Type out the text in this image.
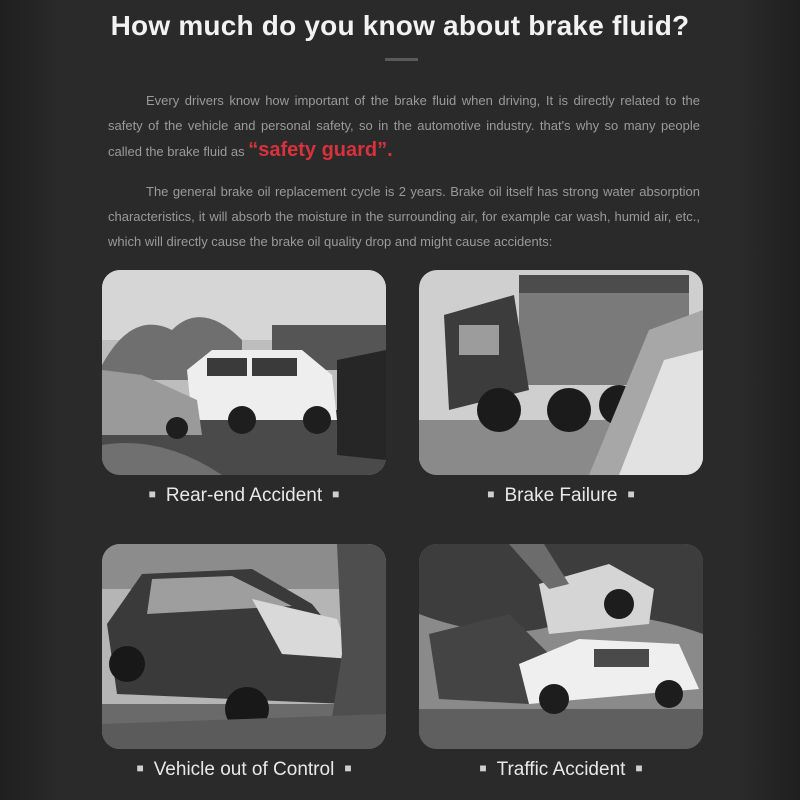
How much do you know about brake fluid?
Every drivers know how important of the brake fluid when driving, It is directly related to the safety of the vehicle and personal safety, so in the automotive industry. that's why so many people called the brake fluid as “safety guard”.
The general brake oil replacement cycle is 2 years. Brake oil itself has strong water absorption characteristics, it will absorb the moisture in the surrounding air, for example car wash, humid air, etc., which will directly cause the brake oil quality drop and might cause accidents:
■ Rear-end Accident ■	■ Brake Failure ■
■ Vehicle out of Control ■	■ Traffic Accident ■
